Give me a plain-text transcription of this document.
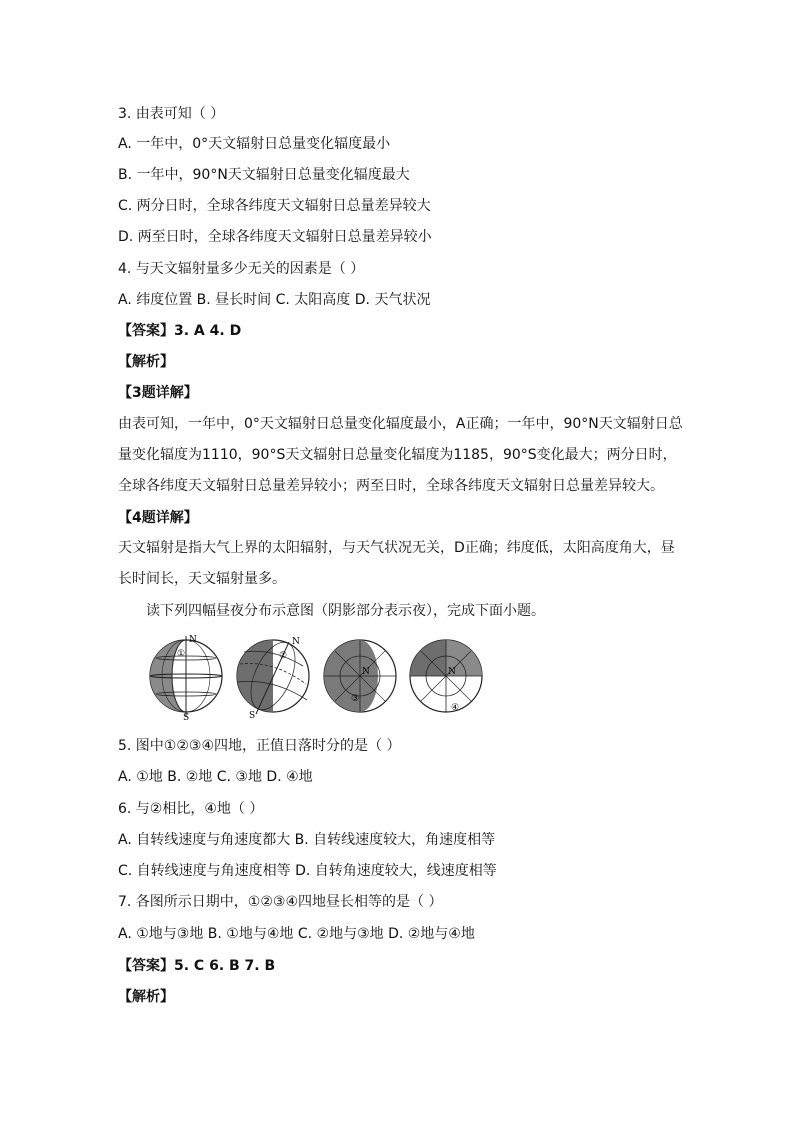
3. 由表可知（ ）
A. 一年中，0°天文辐射日总量变化辐度最小
B. 一年中，90°N天文辐射日总量变化辐度最大
C. 两分日时，全球各纬度天文辐射日总量差异较大
D. 两至日时，全球各纬度天文辐射日总量差异较小
4. 与天文辐射量多少无关的因素是（ ）
A. 纬度位置 B. 昼长时间 C. 太阳高度 D. 天气状况
【答案】3. A 4. D
【解析】
【3题详解】
由表可知，一年中，0°天文辐射日总量变化辐度最小，A正确；一年中，90°N天文辐射日总量变化辐度为1110，90°S天文辐射日总量变化辐度为1185，90°S变化最大；两分日时，全球各纬度天文辐射日总量差异较小；两至日时，全球各纬度天文辐射日总量差异较大。
【4题详解】
天文辐射是指大气上界的太阳辐射，与天气状况无关，D正确；纬度低，太阳高度角大，昼长时间长，天文辐射量多。
读下列四幅昼夜分布示意图（阴影部分表示夜），完成下面小题。
N
S
①
N
S
②
N
③
N
④
5. 图中①②③④四地，正值日落时分的是（ ）
A. ①地 B. ②地 C. ③地 D. ④地
6. 与②相比，④地（ ）
A. 自转线速度与角速度都大 B. 自转线速度较大，角速度相等
C. 自转线速度与角速度相等 D. 自转角速度较大，线速度相等
7. 各图所示日期中，①②③④四地昼长相等的是（ ）
A. ①地与③地 B. ①地与④地 C. ②地与③地 D. ②地与④地
【答案】5. C 6. B 7. B
【解析】
